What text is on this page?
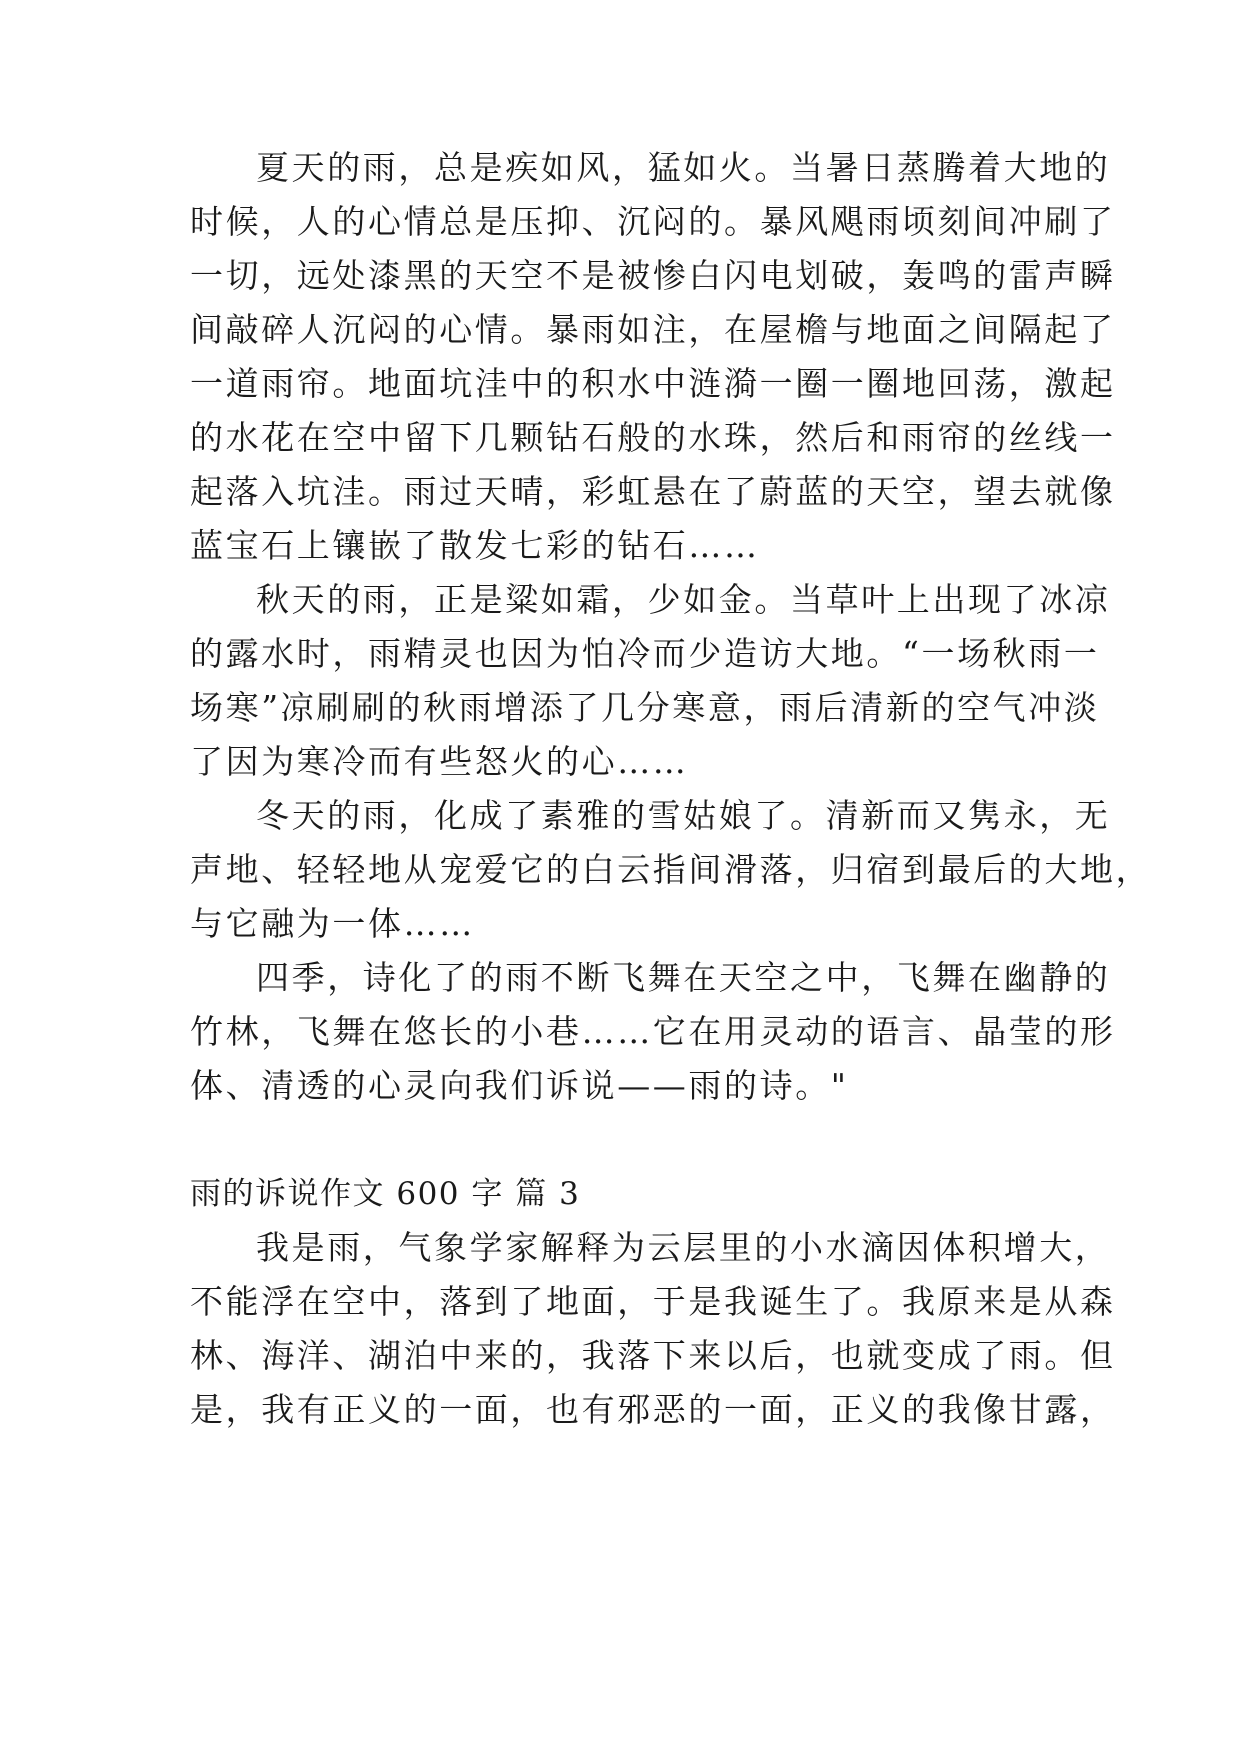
夏天的雨，总是疾如风，猛如火。当暑日蒸腾着大地的
时候，人的心情总是压抑、沉闷的。暴风飓雨顷刻间冲刷了
一切，远处漆黑的天空不是被惨白闪电划破，轰鸣的雷声瞬
间敲碎人沉闷的心情。暴雨如注，在屋檐与地面之间隔起了
一道雨帘。地面坑洼中的积水中涟漪一圈一圈地回荡，激起
的水花在空中留下几颗钻石般的水珠，然后和雨帘的丝线一
起落入坑洼。雨过天晴，彩虹悬在了蔚蓝的天空，望去就像
蓝宝石上镶嵌了散发七彩的钻石……
秋天的雨，正是粱如霜，少如金。当草叶上出现了冰凉
的露水时，雨精灵也因为怕冷而少造访大地。“一场秋雨一
场寒”凉刷刷的秋雨增添了几分寒意，雨后清新的空气冲淡
了因为寒冷而有些怒火的心……
冬天的雨，化成了素雅的雪姑娘了。清新而又隽永，无
声地、轻轻地从宠爱它的白云指间滑落，归宿到最后的大地，
与它融为一体……
四季，诗化了的雨不断飞舞在天空之中，飞舞在幽静的
竹林，飞舞在悠长的小巷……它在用灵动的语言、晶莹的形
体、清透的心灵向我们诉说——雨的诗。"
雨的诉说作文 600 字 篇 3
我是雨，气象学家解释为云层里的小水滴因体积增大，
不能浮在空中，落到了地面，于是我诞生了。我原来是从森
林、海洋、湖泊中来的，我落下来以后，也就变成了雨。但
是，我有正义的一面，也有邪恶的一面，正义的我像甘露，
